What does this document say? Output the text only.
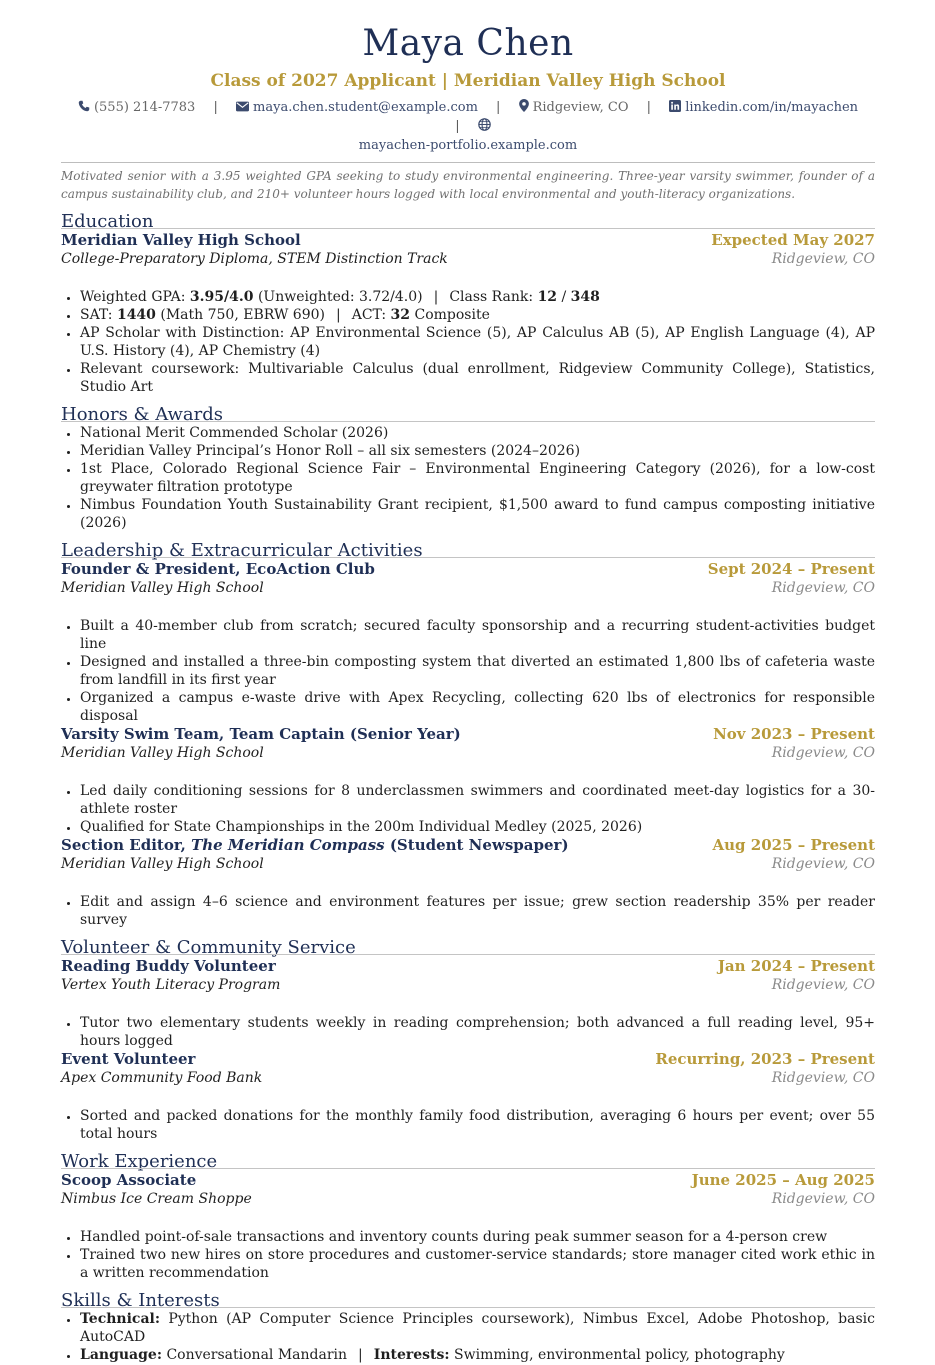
Maya Chen
Class of 2027 Applicant | Meridian Valley High School
(555) 214-7783 |	maya.chen.student@example.com | Ridgeview, CO |	linkedin.com/in/mayachen |
mayachen-portfolio.example.com
Motivated senior with a 3.95 weighted GPA seeking to study environmental engineering. Three-year varsity swimmer, founder of a campus sustainability club, and 210+ volunteer hours logged with local environmental and youth-literacy organizations.
Education
Meridian Valley High School	Expected May 2027
College-Preparatory Diploma, STEM Distinction Track	Ridgeview, CO
• Weighted GPA: 3.95/4.0 (Unweighted: 3.72/4.0) | Class Rank: 12 / 348
• SAT: 1440 (Math 750, EBRW 690) | ACT: 32 Composite
• AP Scholar with Distinction: AP Environmental Science (5), AP Calculus AB (5), AP English Language (4), AP U.S. History (4), AP Chemistry (4)
• Relevant coursework: Multivariable Calculus (dual enrollment, Ridgeview Community College), Statistics, Studio Art
Honors & Awards
• National Merit Commended Scholar (2026)
• Meridian Valley Principal’s Honor Roll – all six semesters (2024–2026)
• 1st Place, Colorado Regional Science Fair – Environmental Engineering Category (2026), for a low-cost greywater filtration prototype
• Nimbus Foundation Youth Sustainability Grant recipient, $1,500 award to fund campus composting initiative (2026)
Leadership & Extracurricular Activities
Founder & President, EcoAction Club	Sept 2024 – Present
Meridian Valley High School	Ridgeview, CO
• Built a 40-member club from scratch; secured faculty sponsorship and a recurring student-activities budget line
• Designed and installed a three-bin composting system that diverted an estimated 1,800 lbs of cafeteria waste from landfill in its first year
• Organized a campus e-waste drive with Apex Recycling, collecting 620 lbs of electronics for responsible disposal
Varsity Swim Team, Team Captain (Senior Year)	Nov 2023 – Present
Meridian Valley High School	Ridgeview, CO
• Led daily conditioning sessions for 8 underclassmen swimmers and coordinated meet-day logistics for a 30-athlete roster
• Qualified for State Championships in the 200m Individual Medley (2025, 2026)
Section Editor, The Meridian Compass (Student Newspaper)	Aug 2025 – Present
Meridian Valley High School	Ridgeview, CO
• Edit and assign 4–6 science and environment features per issue; grew section readership 35% per reader survey
Volunteer & Community Service
Reading Buddy Volunteer	Jan 2024 – Present
Vertex Youth Literacy Program	Ridgeview, CO
• Tutor two elementary students weekly in reading comprehension; both advanced a full reading level, 95+ hours logged
Event Volunteer	Recurring, 2023 – Present
Apex Community Food Bank	Ridgeview, CO
• Sorted and packed donations for the monthly family food distribution, averaging 6 hours per event; over 55 total hours
Work Experience
Scoop Associate	June 2025 – Aug 2025
Nimbus Ice Cream Shoppe	Ridgeview, CO
• Handled point-of-sale transactions and inventory counts during peak summer season for a 4-person crew
• Trained two new hires on store procedures and customer-service standards; store manager cited work ethic in a written recommendation
Skills & Interests
• Technical: Python (AP Computer Science Principles coursework), Nimbus Excel, Adobe Photoshop, basic AutoCAD
• Language: Conversational Mandarin | Interests: Swimming, environmental policy, photography
